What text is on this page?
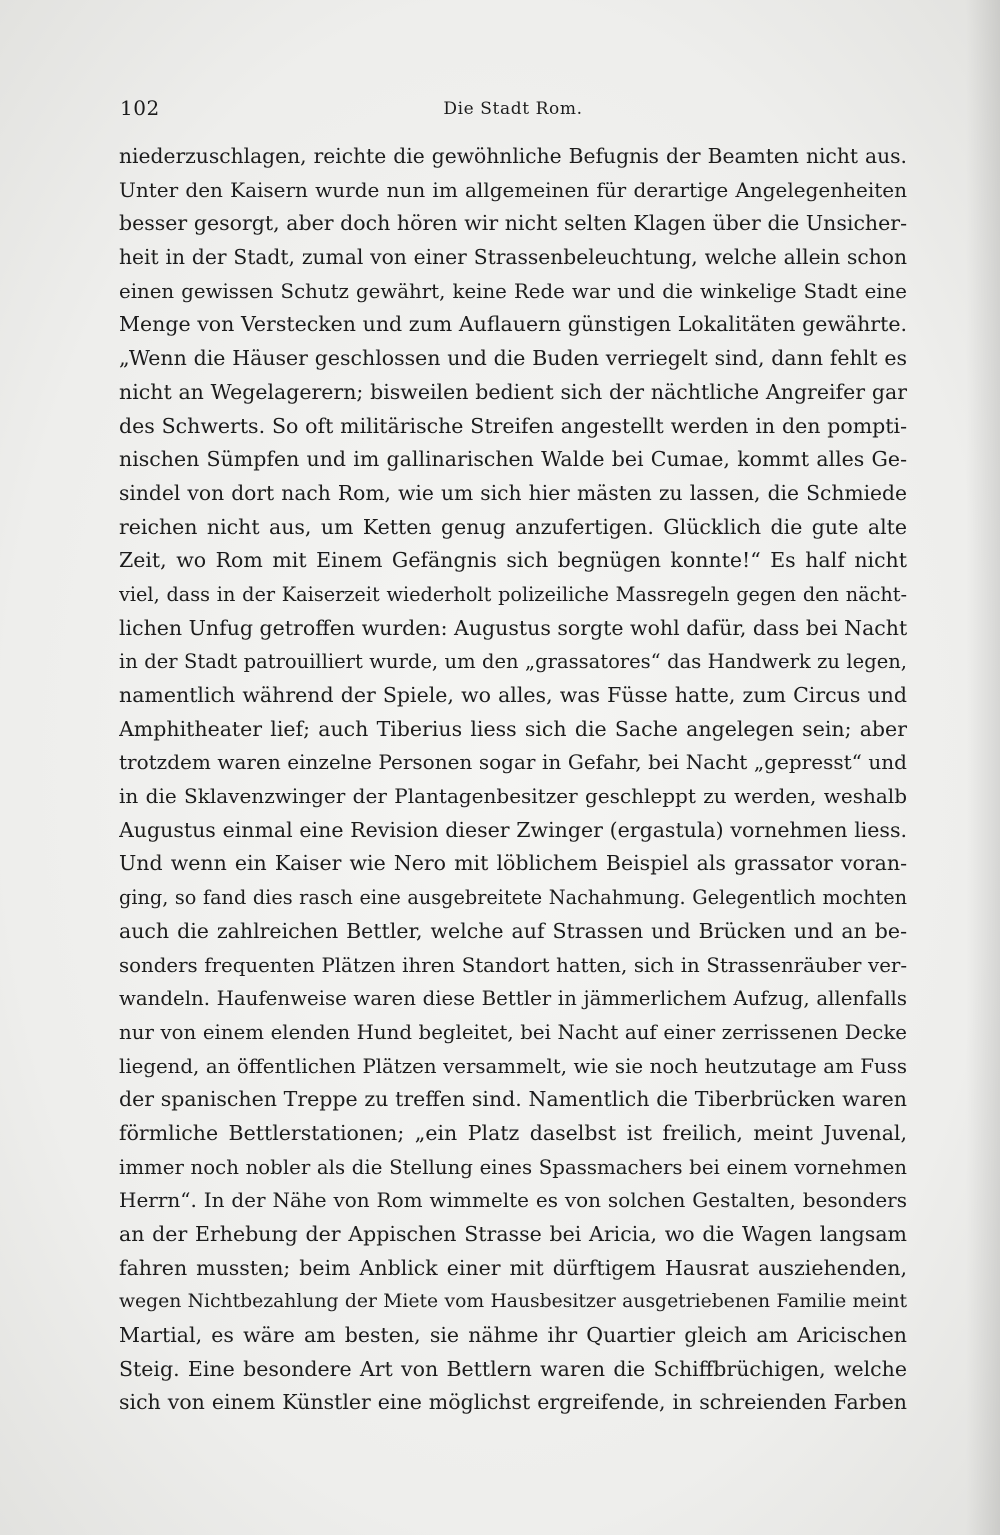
102	Die Stadt Rom.
niederzuschlagen, reichte die gewöhnliche Befugnis der Beamten nicht aus.
Unter den Kaisern wurde nun im allgemeinen für derartige Angelegenheiten
besser gesorgt, aber doch hören wir nicht selten Klagen über die Unsicher-
heit in der Stadt, zumal von einer Strassenbeleuchtung, welche allein schon
einen gewissen Schutz gewährt, keine Rede war und die winkelige Stadt eine
Menge von Verstecken und zum Auflauern günstigen Lokalitäten gewährte.
„Wenn die Häuser geschlossen und die Buden verriegelt sind, dann fehlt es
nicht an Wegelagerern; bisweilen bedient sich der nächtliche Angreifer gar
des Schwerts. So oft militärische Streifen angestellt werden in den pompti-
nischen Sümpfen und im gallinarischen Walde bei Cumae, kommt alles Ge-
sindel von dort nach Rom, wie um sich hier mästen zu lassen, die Schmiede
reichen nicht aus, um Ketten genug anzufertigen. Glücklich die gute alte
Zeit, wo Rom mit Einem Gefängnis sich begnügen konnte!“ Es half nicht
viel, dass in der Kaiserzeit wiederholt polizeiliche Massregeln gegen den nächt-
lichen Unfug getroffen wurden: Augustus sorgte wohl dafür, dass bei Nacht
in der Stadt patrouilliert wurde, um den „grassatores“ das Handwerk zu legen,
namentlich während der Spiele, wo alles, was Füsse hatte, zum Circus und
Amphitheater lief; auch Tiberius liess sich die Sache angelegen sein; aber
trotzdem waren einzelne Personen sogar in Gefahr, bei Nacht „gepresst“ und
in die Sklavenzwinger der Plantagenbesitzer geschleppt zu werden, weshalb
Augustus einmal eine Revision dieser Zwinger (ergastula) vornehmen liess.
Und wenn ein Kaiser wie Nero mit löblichem Beispiel als grassator voran-
ging, so fand dies rasch eine ausgebreitete Nachahmung. Gelegentlich mochten
auch die zahlreichen Bettler, welche auf Strassen und Brücken und an be-
sonders frequenten Plätzen ihren Standort hatten, sich in Strassenräuber ver-
wandeln. Haufenweise waren diese Bettler in jämmerlichem Aufzug, allenfalls
nur von einem elenden Hund begleitet, bei Nacht auf einer zerrissenen Decke
liegend, an öffentlichen Plätzen versammelt, wie sie noch heutzutage am Fuss
der spanischen Treppe zu treffen sind. Namentlich die Tiberbrücken waren
förmliche Bettlerstationen; „ein Platz daselbst ist freilich, meint Juvenal,
immer noch nobler als die Stellung eines Spassmachers bei einem vornehmen
Herrn“. In der Nähe von Rom wimmelte es von solchen Gestalten, besonders
an der Erhebung der Appischen Strasse bei Aricia, wo die Wagen langsam
fahren mussten; beim Anblick einer mit dürftigem Hausrat ausziehenden,
wegen Nichtbezahlung der Miete vom Hausbesitzer ausgetriebenen Familie meint
Martial, es wäre am besten, sie nähme ihr Quartier gleich am Aricischen
Steig. Eine besondere Art von Bettlern waren die Schiffbrüchigen, welche
sich von einem Künstler eine möglichst ergreifende, in schreienden Farben
